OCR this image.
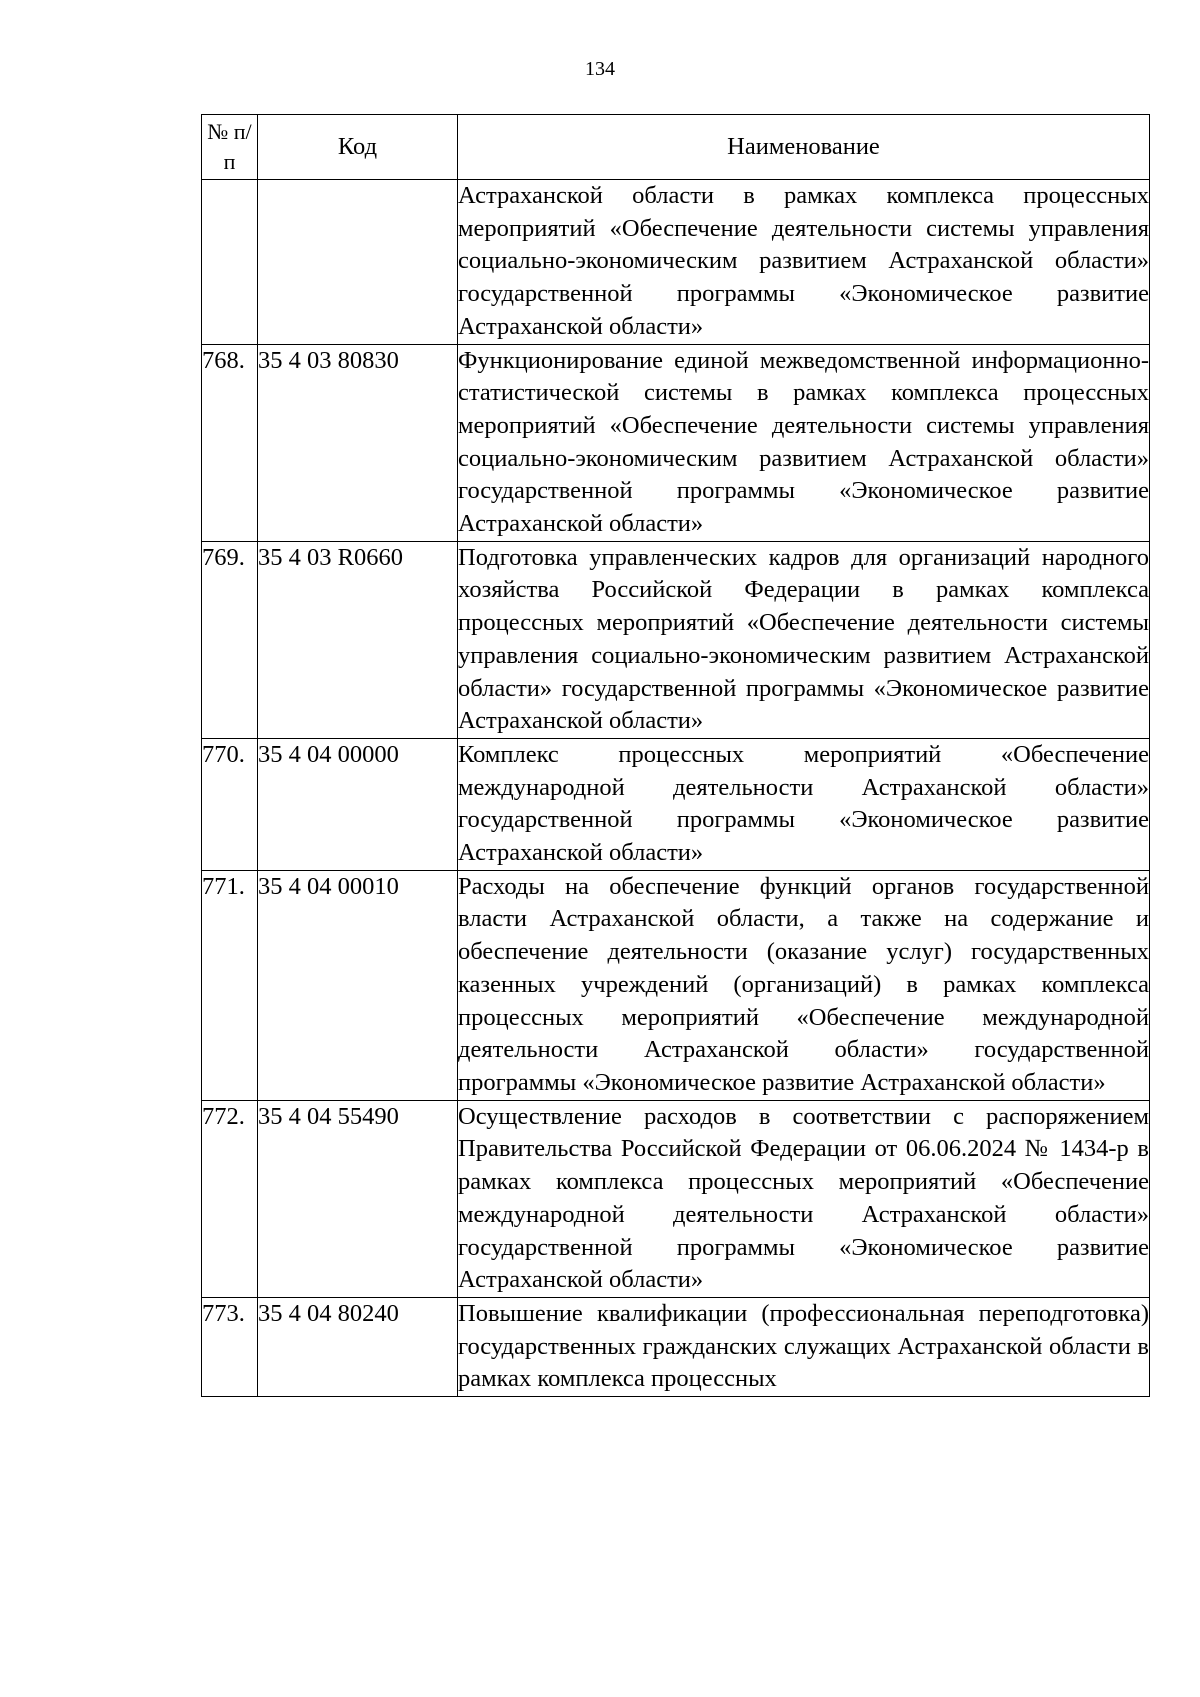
134
№ п/п	Код	Наименование

		Астраханской области в рамках комплекса процессных мероприятий «Обеспечение деятельности системы управления социально-экономическим развитием Астраханской области» государственной программы «Экономическое развитие Астраханской области»

768.	35 4 03 80830	Функционирование единой межведомственной информационно-статистической системы в рамках комплекса процессных мероприятий «Обеспечение деятельности системы управления социально-экономическим развитием Астраханской области» государственной программы «Экономическое развитие Астраханской области»

769.	35 4 03 R0660	Подготовка управленческих кадров для организаций народного хозяйства Российской Федерации в рамках комплекса процессных мероприятий «Обеспечение деятельности системы управления социально-экономическим развитием Астраханской области» государственной программы «Экономическое развитие Астраханской области»

770.	35 4 04 00000	Комплекс процессных мероприятий «Обеспечение международной деятельности Астраханской области» государственной программы «Экономическое развитие Астраханской области»

771.	35 4 04 00010	Расходы на обеспечение функций органов государственной власти Астраханской области, а также на содержание и обеспечение деятельности (оказание услуг) государственных казенных учреждений (организаций) в рамках комплекса процессных мероприятий «Обеспечение международной деятельности Астраханской области» государственной программы «Экономическое развитие Астраханской области»

772.	35 4 04 55490	Осуществление расходов в соответствии с распоряжением Правительства Российской Федерации от 06.06.2024 № 1434-р в рамках комплекса процессных мероприятий «Обеспечение международной деятельности Астраханской области» государственной программы «Экономическое развитие Астраханской области»

773.	35 4 04 80240	Повышение квалификации (профессиональная переподготовка) государственных гражданских служащих Астраханской области в рамках комплекса процессных
